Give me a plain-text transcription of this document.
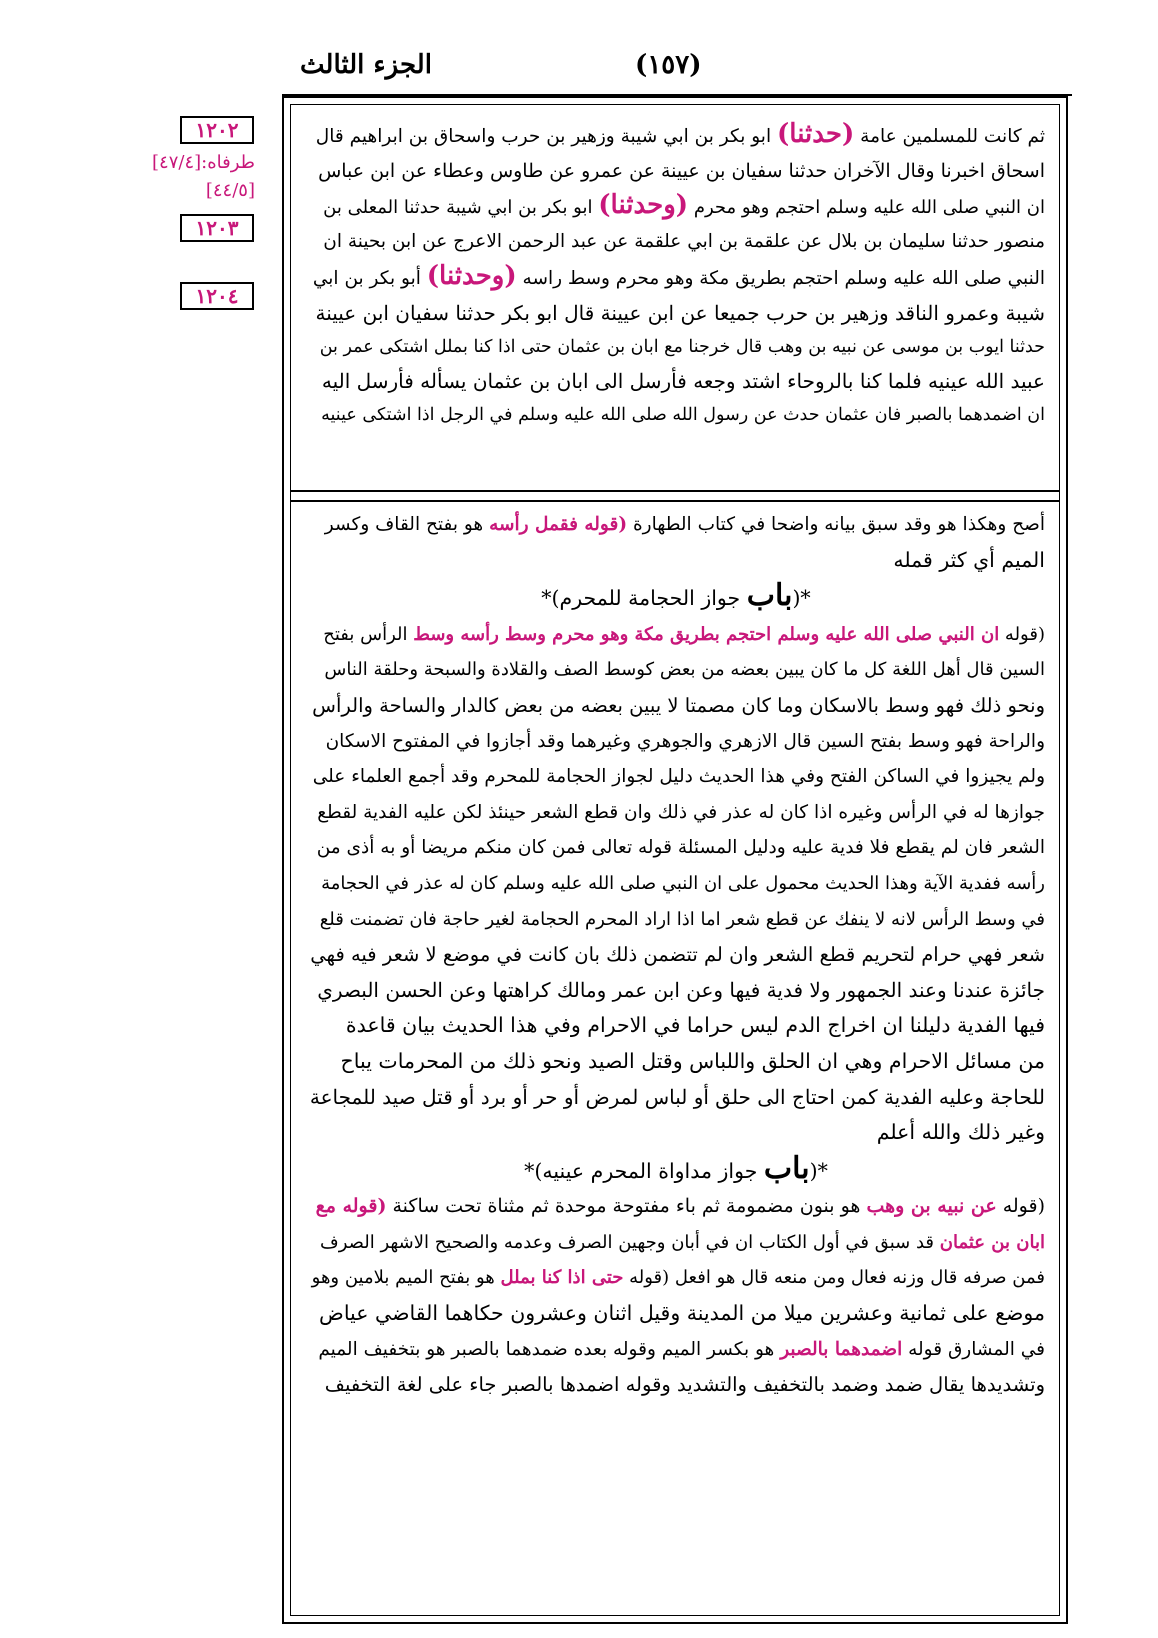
الجزء الثالث	(١٥٧)
١٢٠٢
طرفاه:[٤٧/٤]
[٤٤/٥]
١٢٠٣
١٢٠٤
ثم كانت للمسلمين عامة (حدثنا) ابو بكر بن ابي شيبة وزهير بن حرب واسحاق بن ابراهيم قال
اسحاق اخبرنا وقال الآخران حدثنا سفيان بن عيينة عن عمرو عن طاوس وعطاء عن ابن عباس
ان النبي صلى الله عليه وسلم احتجم وهو محرم (وحدثنا) ابو بكر بن ابي شيبة حدثنا المعلى بن
منصور حدثنا سليمان بن بلال عن علقمة بن ابي علقمة عن عبد الرحمن الاعرج عن ابن بحينة ان
النبي صلى الله عليه وسلم احتجم بطريق مكة وهو محرم وسط راسه (وحدثنا) أبو بكر بن ابي
شيبة وعمرو الناقد وزهير بن حرب جميعا عن ابن عيينة قال ابو بكر حدثنا سفيان ابن عيينة
حدثنا ايوب بن موسى عن نبيه بن وهب قال خرجنا مع ابان بن عثمان حتى اذا كنا بملل اشتكى عمر بن
عبيد الله عينيه فلما كنا بالروحاء اشتد وجعه فأرسل الى ابان بن عثمان يسأله فأرسل اليه
ان اضمدهما بالصبر فان عثمان حدث عن رسول الله صلى الله عليه وسلم في الرجل اذا اشتكى عينيه
أصح وهكذا هو وقد سبق بيانه واضحا في كتاب الطهارة (قوله فقمل رأسه هو بفتح القاف وكسر
الميم أي كثر قمله
*(باب جواز الحجامة للمحرم)*
(قوله ان النبي صلى الله عليه وسلم احتجم بطريق مكة وهو محرم وسط رأسه وسط الرأس بفتح
السين قال أهل اللغة كل ما كان يبين بعضه من بعض كوسط الصف والقلادة والسبحة وحلقة الناس
ونحو ذلك فهو وسط بالاسكان وما كان مصمتا لا يبين بعضه من بعض كالدار والساحة والرأس
والراحة فهو وسط بفتح السين قال الازهري والجوهري وغيرهما وقد أجازوا في المفتوح الاسكان
ولم يجيزوا في الساكن الفتح وفي هذا الحديث دليل لجواز الحجامة للمحرم وقد أجمع العلماء على
جوازها له في الرأس وغيره اذا كان له عذر في ذلك وان قطع الشعر حينئذ لكن عليه الفدية لقطع
الشعر فان لم يقطع فلا فدية عليه ودليل المسئلة قوله تعالى فمن كان منكم مريضا أو به أذى من
رأسه ففدية الآية وهذا الحديث محمول على ان النبي صلى الله عليه وسلم كان له عذر في الحجامة
في وسط الرأس لانه لا ينفك عن قطع شعر اما اذا اراد المحرم الحجامة لغير حاجة فان تضمنت قلع
شعر فهي حرام لتحريم قطع الشعر وان لم تتضمن ذلك بان كانت في موضع لا شعر فيه فهي
جائزة عندنا وعند الجمهور ولا فدية فيها وعن ابن عمر ومالك كراهتها وعن الحسن البصري
فيها الفدية دليلنا ان اخراج الدم ليس حراما في الاحرام وفي هذا الحديث بيان قاعدة
من مسائل الاحرام وهي ان الحلق واللباس وقتل الصيد ونحو ذلك من المحرمات يباح
للحاجة وعليه الفدية كمن احتاج الى حلق أو لباس لمرض أو حر أو برد أو قتل صيد للمجاعة
وغير ذلك والله أعلم
*(باب جواز مداواة المحرم عينيه)*
(قوله عن نبيه بن وهب هو بنون مضمومة ثم باء مفتوحة موحدة ثم مثناة تحت ساكنة (قوله مع
ابان بن عثمان قد سبق في أول الكتاب ان في أبان وجهين الصرف وعدمه والصحيح الاشهر الصرف
فمن صرفه قال وزنه فعال ومن منعه قال هو افعل (قوله حتى اذا كنا بملل هو بفتح الميم بلامين وهو
موضع على ثمانية وعشرين ميلا من المدينة وقيل اثنان وعشرون حكاهما القاضي عياض
في المشارق قوله اضمدهما بالصبر هو بكسر الميم وقوله بعده ضمدهما بالصبر هو بتخفيف الميم
وتشديدها يقال ضمد وضمد بالتخفيف والتشديد وقوله اضمدها بالصبر جاء على لغة التخفيف
